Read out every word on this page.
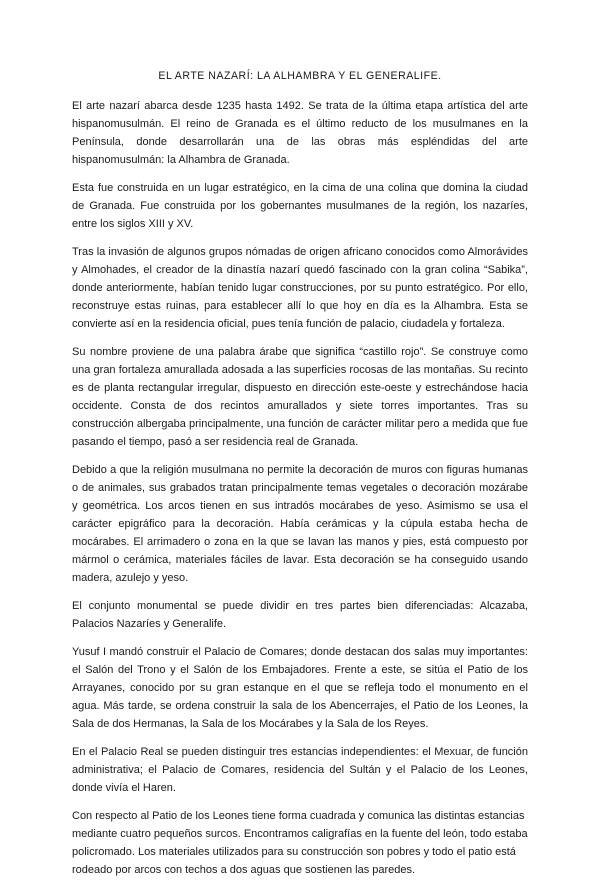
EL ARTE NAZARÍ: LA ALHAMBRA Y EL GENERALIFE.

El arte nazarí abarca desde 1235 hasta 1492. Se trata de la última etapa artística del arte hispanomusulmán. El reino de Granada es el último reducto de los musulmanes en la Península, donde desarrollarán una de las obras más espléndidas del arte hispanomusulmán: la Alhambra de Granada.

Esta fue construida en un lugar estratégico, en la cima de una colina que domina la ciudad de Granada. Fue construida por los gobernantes musulmanes de la región, los nazaríes, entre los siglos XIII y XV.

Tras la invasión de algunos grupos nómadas de origen africano conocidos como Almorávides y Almohades, el creador de la dinastía nazarí quedó fascinado con la gran colina “Sabika”, donde anteriormente, habían tenido lugar construcciones, por su punto estratégico. Por ello, reconstruye estas ruinas, para establecer allí lo que hoy en día es la Alhambra. Esta se convierte así en la residencia oficial, pues tenía función de palacio, ciudadela y fortaleza.

Su nombre proviene de una palabra árabe que significa “castillo rojo”. Se construye como una gran fortaleza amurallada adosada a las superficies rocosas de las montañas. Su recinto es de planta rectangular irregular, dispuesto en dirección este-oeste y estrechándose hacia occidente. Consta de dos recintos amurallados y siete torres importantes. Tras su construcción albergaba principalmente, una función de carácter militar pero a medida que fue pasando el tiempo, pasó a ser residencia real de Granada.

Debido a que la religión musulmana no permite la decoración de muros con figuras humanas o de animales, sus grabados tratan principalmente temas vegetales o decoración mozárabe y geométrica. Los arcos tienen en sus intradós mocárabes de yeso. Asimismo se usa el carácter epigráfico para la decoración. Había cerámicas y la cúpula estaba hecha de mocárabes. El arrimadero o zona en la que se lavan las manos y pies, está compuesto por mármol o cerámica, materiales fáciles de lavar. Esta decoración se ha conseguido usando madera, azulejo y yeso.

El conjunto monumental se puede dividir en tres partes bien diferenciadas: Alcazaba, Palacios Nazaríes y Generalife.

Yusuf I mandó construir el Palacio de Comares; donde destacan dos salas muy importantes: el Salón del Trono y el Salón de los Embajadores. Frente a este, se sitúa el Patio de los Arrayanes, conocido por su gran estanque en el que se refleja todo el monumento en el agua. Más tarde, se ordena construir la sala de los Abencerrajes, el Patio de los Leones, la Sala de dos Hermanas, la Sala de los Mocárabes y la Sala de los Reyes.

En el Palacio Real se pueden distinguir tres estancias independientes: el Mexuar, de función administrativa; el Palacio de Comares, residencia del Sultán y el Palacio de los Leones, donde vivía el Haren.

Con respecto al Patio de los Leones tiene forma cuadrada y comunica las distintas estancias mediante cuatro pequeños surcos. Encontramos caligrafías en la fuente del león, todo estaba policromado. Los materiales utilizados para su construcción son pobres y todo el patio está rodeado por arcos con techos a dos aguas que sostienen las paredes.
